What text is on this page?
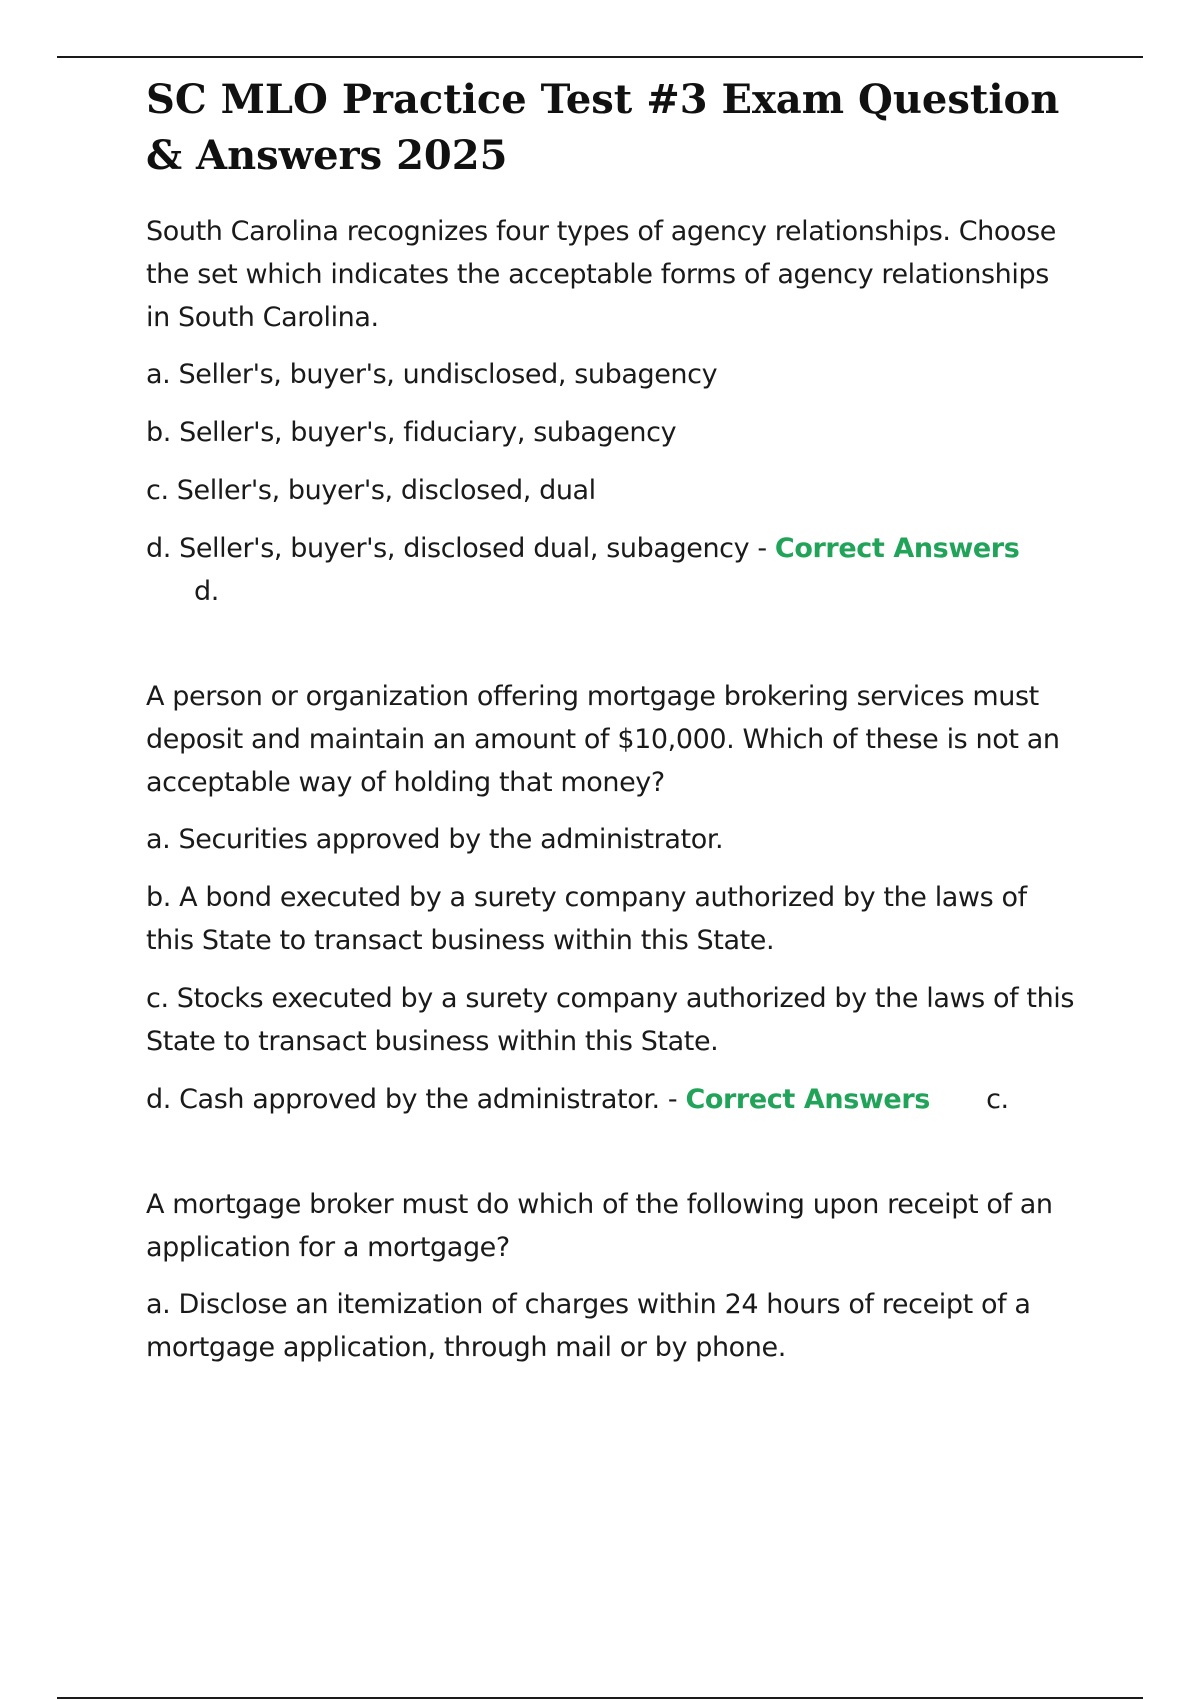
SC MLO Practice Test #3 Exam Question & Answers 2025

South Carolina recognizes four types of agency relationships. Choose the set which indicates the acceptable forms of agency relationships in South Carolina.

a. Seller's, buyer's, undisclosed, subagency

b. Seller's, buyer's, fiduciary, subagency

c. Seller's, buyer's, disclosed, dual

d. Seller's, buyer's, disclosed dual, subagency - Correct Answers d.

A person or organization offering mortgage brokering services must deposit and maintain an amount of $10,000. Which of these is not an acceptable way of holding that money?

a. Securities approved by the administrator.

b. A bond executed by a surety company authorized by the laws of this State to transact business within this State.

c. Stocks executed by a surety company authorized by the laws of this State to transact business within this State.

d. Cash approved by the administrator. - Correct Answers c.

A mortgage broker must do which of the following upon receipt of an application for a mortgage?

a. Disclose an itemization of charges within 24 hours of receipt of a mortgage application, through mail or by phone.
